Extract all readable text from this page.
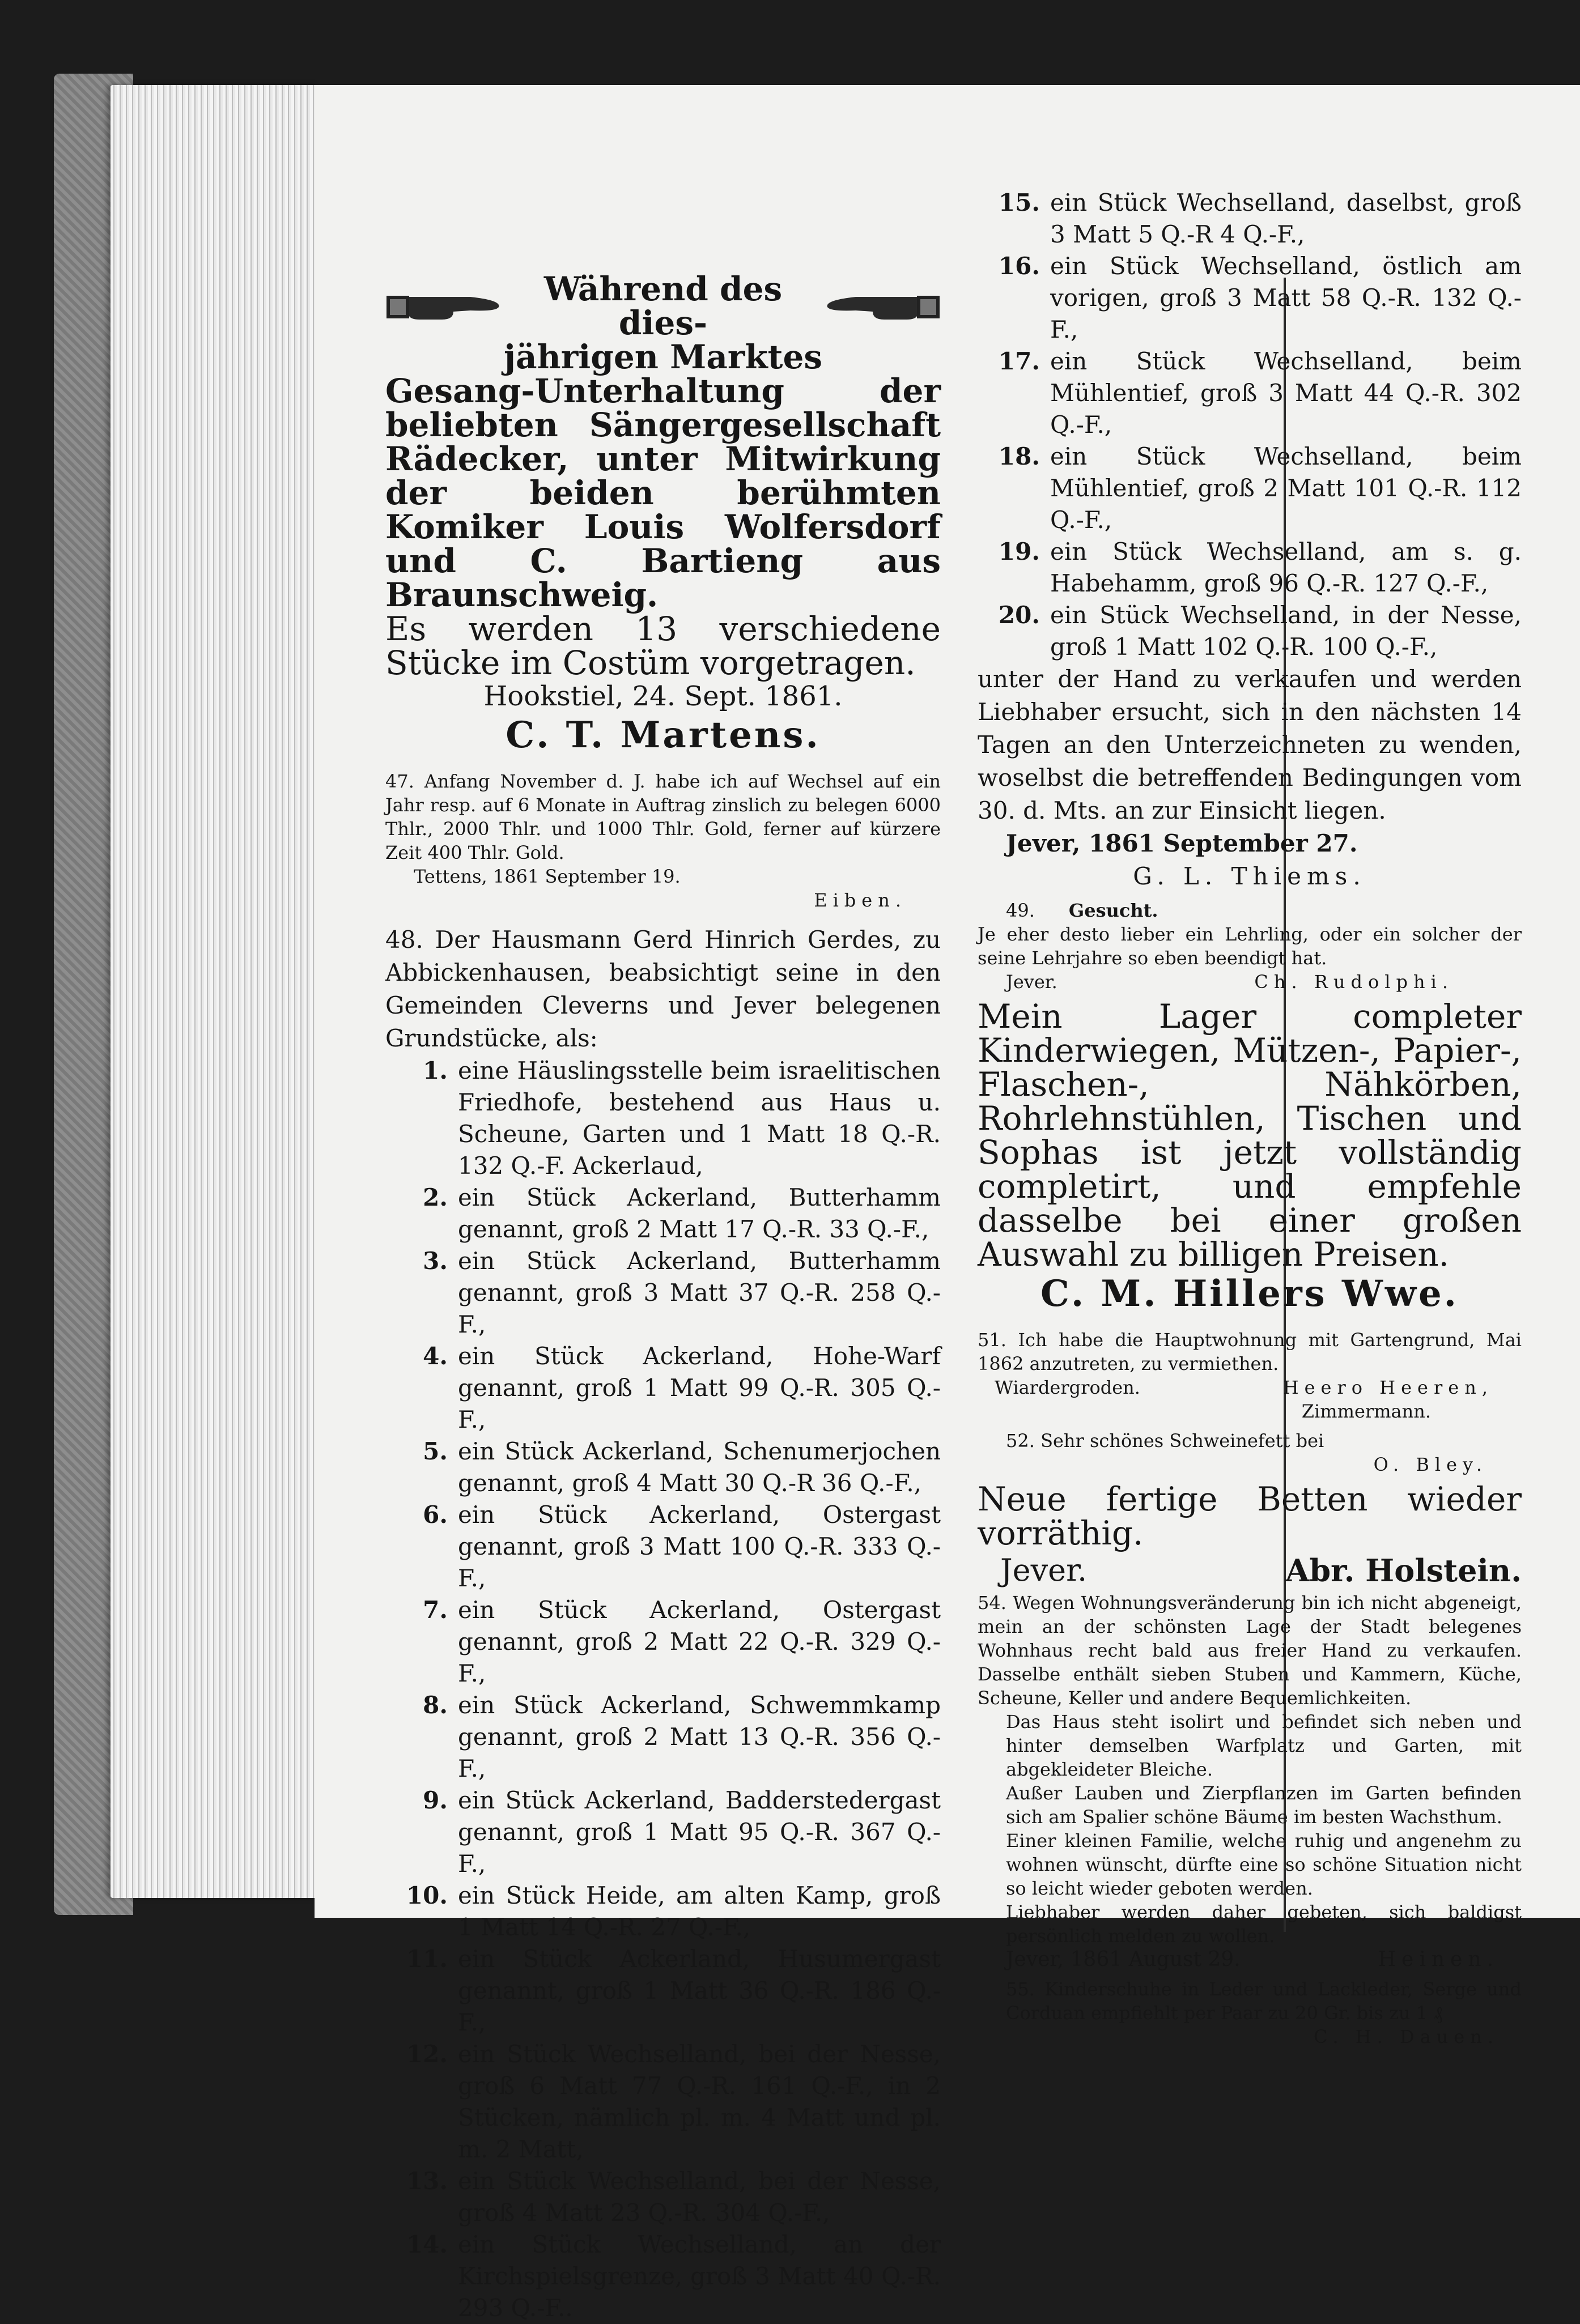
Während des dies-
jährigen Marktes

Gesang-Unterhaltung der beliebten Sängergesellschaft Rädecker, unter Mitwirkung der beiden berühmten Komiker Louis Wolfersdorf und C. Bartieng aus Braunschweig.

Es werden 13 verschiedene Stücke im Costüm vorgetragen.

Hookstiel, 24. Sept. 1861.

C. T. Martens.

47. Anfang November d. J. habe ich auf Wechsel auf ein Jahr resp. auf 6 Monate in Auftrag zinslich zu belegen 6000 Thlr., 2000 Thlr. und 1000 Thlr. Gold, ferner auf kürzere Zeit 400 Thlr. Gold.

Tettens, 1861 September 19.

Eiben.

48. Der Hausmann Gerd Hinrich Gerdes, zu Abbickenhausen, beabsichtigt seine in den Gemeinden Cleverns und Jever belegenen Grundstücke, als:

1. eine Häuslingsstelle beim israelitischen Friedhofe, bestehend aus Haus u. Scheune, Garten und 1 Matt 18 Q.-R. 132 Q.-F. Ackerlaud,
2. ein Stück Ackerland, Butterhamm genannt, groß 2 Matt 17 Q.-R. 33 Q.-F.,
3. ein Stück Ackerland, Butterhamm genannt, groß 3 Matt 37 Q.-R. 258 Q.-F.,
4. ein Stück Ackerland, Hohe-Warf genannt, groß 1 Matt 99 Q.-R. 305 Q.-F.,
5. ein Stück Ackerland, Schenumerjochen genannt, groß 4 Matt 30 Q.-R 36 Q.-F.,
6. ein Stück Ackerland, Ostergast genannt, groß 3 Matt 100 Q.-R. 333 Q.-F.,
7. ein Stück Ackerland, Ostergast genannt, groß 2 Matt 22 Q.-R. 329 Q.-F.,
8. ein Stück Ackerland, Schwemmkamp genannt, groß 2 Matt 13 Q.-R. 356 Q.-F.,
9. ein Stück Ackerland, Badderstedergast genannt, groß 1 Matt 95 Q.-R. 367 Q.-F.,
10. ein Stück Heide, am alten Kamp, groß 1 Matt 14 Q.-R. 27 Q.-F.,
11. ein Stück Ackerland, Husumergast genannt, groß 1 Matt 36 Q.-R. 186 Q.-F.,
12. ein Stück Wechselland, bei der Nesse, groß 6 Matt 77 Q.-R. 161 Q.-F., in 2 Stücken, nämlich pl. m. 4 Matt und pl. m. 2 Matt,
13. ein Stück Wechselland, bei der Nesse, groß 4 Matt 23 Q.-R. 304 Q.-F.,
14. ein Stück Wechselland, an der Kirchspielsgrenze, groß 3 Matt 40 Q.-R. 293 Q.-F..
15. ein Stück Wechselland, daselbst, groß 3 Matt 5 Q.-R 4 Q.-F.,
16. ein Stück Wechselland, östlich am vorigen, groß 3 Matt 58 Q.-R. 132 Q.-F.,
17. ein Stück Wechselland, beim Mühlentief, groß 3 Matt 44 Q.-R. 302 Q.-F.,
18. ein Stück Wechselland, beim Mühlentief, groß 2 Matt 101 Q.-R. 112 Q.-F.,
19. ein Stück Wechselland, am s. g. Habehamm, groß 96 Q.-R. 127 Q.-F.,
20. ein Stück Wechselland, in der Nesse, groß 1 Matt 102 Q.-R. 100 Q.-F.,

unter der Hand zu verkaufen und werden Liebhaber ersucht, sich in den nächsten 14 Tagen an den Unterzeichneten zu wenden, woselbst die betreffenden Bedingungen vom 30. d. Mts. an zur Einsicht liegen.

Jever, 1861 September 27.

G. L. Thiems.

49.	Gesucht.

Je eher desto lieber ein Lehrling, oder ein solcher der seine Lehrjahre so eben beendigt hat.

Jever.	Ch. Rudolphi.

Mein Lager completer Kinderwiegen, Mützen-, Papier-, Flaschen-, Nähkörben, Rohrlehnstühlen, Tischen und Sophas ist jetzt vollständig completirt, und empfehle dasselbe bei einer großen Auswahl zu billigen Preisen.

C. M. Hillers Wwe.

51. Ich habe die Hauptwohnung mit Gartengrund, Mai 1862 anzutreten, zu vermiethen.

Wiardergroden.	Heero Heeren,

Zimmermann.

52. Sehr schönes Schweinefett bei

O. Bley.

Neue fertige Betten wieder vorräthig.

Jever.	Abr. Holstein.

54. Wegen Wohnungsveränderung bin ich nicht abgeneigt, mein an der schönsten Lage der Stadt belegenes Wohnhaus recht bald aus freier Hand zu verkaufen. Dasselbe enthält sieben Stuben und Kammern, Küche, Scheune, Keller und andere Bequemlichkeiten.

Das Haus steht isolirt und befindet sich neben und hinter demselben Warfplatz und Garten, mit abgekleideter Bleiche.

Außer Lauben und Zierpflanzen im Garten befinden sich am Spalier schöne Bäume im besten Wachsthum.

Einer kleinen Familie, welche ruhig und angenehm zu wohnen wünscht, dürfte eine so schöne Situation nicht so leicht wieder geboten werden.

Liebhaber werden daher gebeten, sich baldigst persönlich melden zu wollen.

Jever, 1861 August 29.	Heinen.

55. Kinderschuhe in Leder und Lackleder, Serge und Corduan empfiehlt per Paar zu 20 Gr. bis zu 1 ₰

C. H. Dauen.
